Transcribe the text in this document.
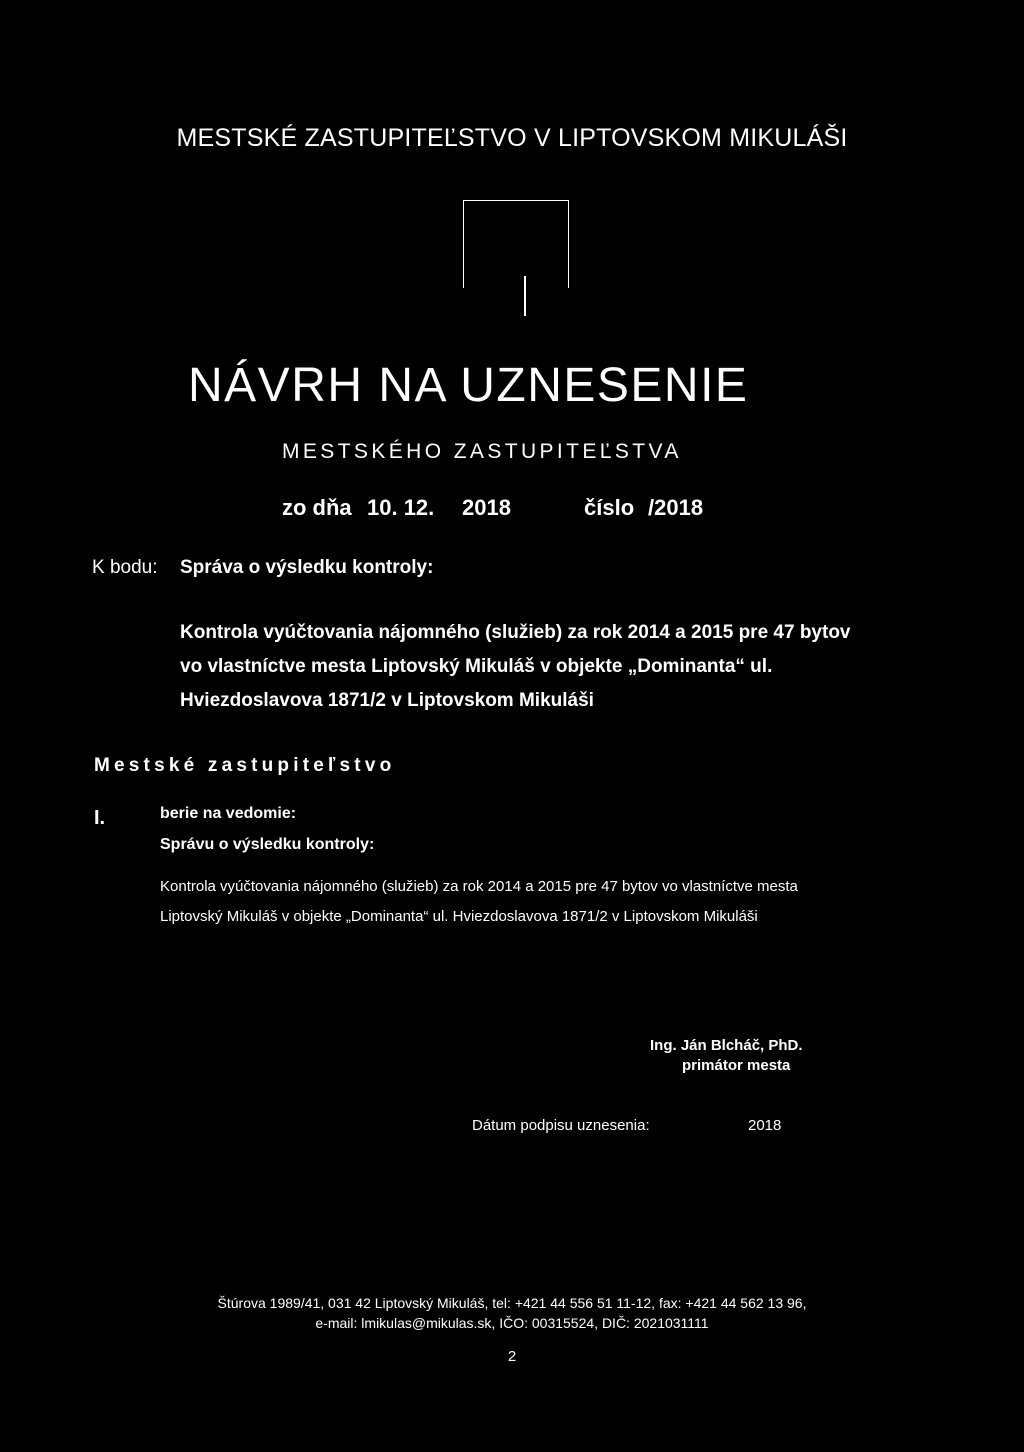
MESTSKÉ ZASTUPITEĽSTVO V LIPTOVSKOM MIKULÁŠI
NÁVRH NA UZNESENIE
MESTSKÉHO ZASTUPITEĽSTVA
zo dňa 10. 12. 2018	číslo /2018
K bodu: Správa o výsledku kontroly:
Kontrola vyúčtovania nájomného (služieb) za rok 2014 a 2015 pre 47 bytov
vo vlastníctve mesta Liptovský Mikuláš v objekte „Dominanta“ ul.
Hviezdoslavova 1871/2 v Liptovskom Mikuláši
Mestské zastupiteľstvo
I.	berie na vedomie:
Správu o výsledku kontroly:
Kontrola vyúčtovania nájomného (služieb) za rok 2014 a 2015 pre 47 bytov vo vlastníctve mesta
Liptovský Mikuláš v objekte „Dominanta“ ul. Hviezdoslavova 1871/2 v Liptovskom Mikuláši
Ing. Ján Blcháč, PhD.
primátor mesta
Dátum podpisu uznesenia:	2018
Štúrova 1989/41, 031 42 Liptovský Mikuláš, tel: +421 44 556 51 11-12, fax: +421 44 562 13 96,
e-mail: lmikulas@mikulas.sk, IČO: 00315524, DIČ: 2021031111
2
